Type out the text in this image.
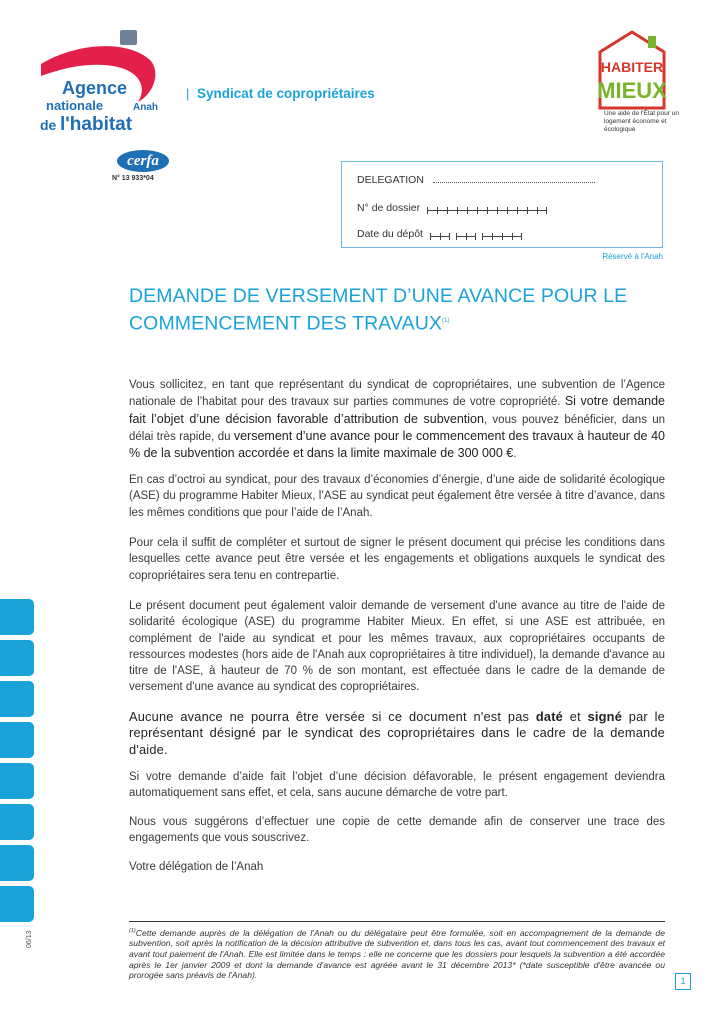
Agence
nationale	Anah
de l'habitat
| Syndicat de copropriétaires
HABITER
MIEUX
Une aide de l'État pour un logement économe et écologique
cerfa
N° 13 933*04	DELEGATION
N° de dossier
Date du dépôt
Réservé à l'Anah
DEMANDE DE VERSEMENT D’UNE AVANCE POUR LE COMMENCEMENT DES TRAVAUX$^{(1)}$
Vous sollicitez, en tant que représentant du syndicat de copropriétaires, une subvention de l’Agence nationale de l’habitat pour des travaux sur parties communes de votre copropriété. Si votre demande fait l’objet d’une décision favorable d’attribution de subvention, vous pouvez bénéficier, dans un délai très rapide, du versement d’une avance pour le commencement des travaux à hauteur de 40 % de la subvention accordée et dans la limite maximale de 300 000 €.
En cas d’octroi au syndicat, pour des travaux d’économies d’énergie, d’une aide de solidarité écologique (ASE) du programme Habiter Mieux, l’ASE au syndicat peut également être versée à titre d’avance, dans les mêmes conditions que pour l’aide de l’Anah.
Pour cela il suffit de compléter et surtout de signer le présent document qui précise les conditions dans lesquelles cette avance peut être versée et les engagements et obligations auxquels le syndicat des copropriétaires sera tenu en contrepartie.
Le présent document peut également valoir demande de versement d'une avance au titre de l'aide de solidarité écologique (ASE) du programme Habiter Mieux. En effet, si une ASE est attribuée, en complément de l'aide au syndicat et pour les mêmes travaux, aux copropriétaires occupants de ressources modestes (hors aide de l'Anah aux copropriétaires à titre individuel), la demande d'avance au titre de l'ASE, à hauteur de 70 % de son montant, est effectuée dans le cadre de la demande de versement d'une avance au syndicat des copropriétaires.
Aucune avance ne pourra être versée si ce document n'est pas daté et signé par le représentant désigné par le syndicat des copropriétaires dans le cadre de la demande d'aide.
Si votre demande d’aide fait l’objet d’une décision défavorable, le présent engagement deviendra automatiquement sans effet, et cela, sans aucune démarche de votre part.
Nous vous suggérons d’effectuer une copie de cette demande afin de conserver une trace des engagements que vous souscrivez.
Votre délégation de l’Anah
06/13	$^{(1)}$Cette demande auprès de la délégation de l'Anah ou du délégataire peut être formulée, soit en accompagnement de la demande de subvention, soit après la notification de la décision attributive de subvention et, dans tous les cas, avant tout commencement des travaux et avant tout paiement de l'Anah. Elle est limitée dans le temps : elle ne concerne que les dossiers pour lesquels la subvention a été accordée après le 1er janvier 2009 et dont la demande d'avance est agréée avant le 31 décembre 2013* (*date susceptible d'être avancée ou prorogée sans préavis de l'Anah).
1
